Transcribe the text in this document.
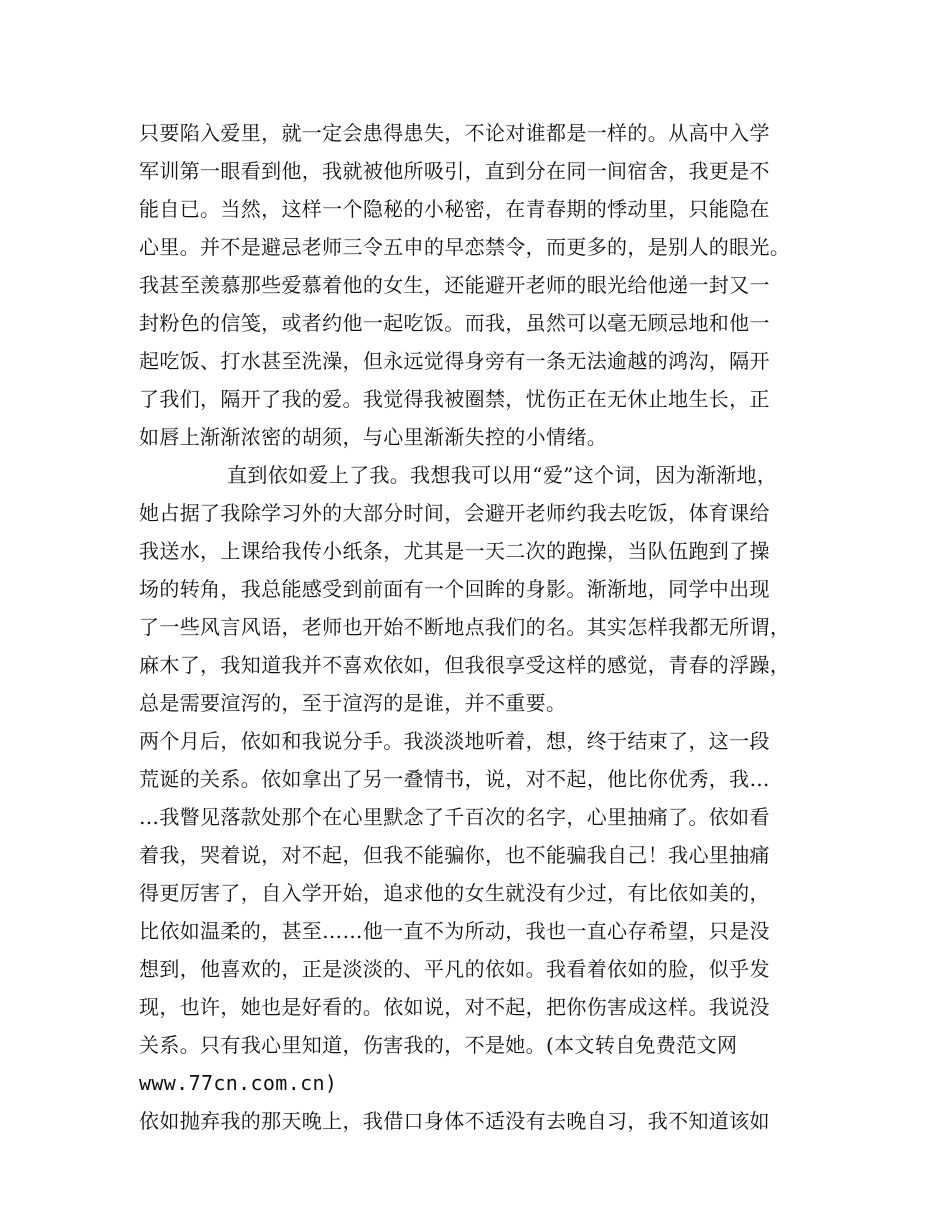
只要陷入爱里，就一定会患得患失，不论对谁都是一样的。从高中入学
军训第一眼看到他，我就被他所吸引，直到分在同一间宿舍，我更是不
能自已。当然，这样一个隐秘的小秘密，在青春期的悸动里，只能隐在
心里。并不是避忌老师三令五申的早恋禁令，而更多的，是别人的眼光。
我甚至羡慕那些爱慕着他的女生，还能避开老师的眼光给他递一封又一
封粉色的信笺，或者约他一起吃饭。而我，虽然可以毫无顾忌地和他一
起吃饭、打水甚至洗澡，但永远觉得身旁有一条无法逾越的鸿沟，隔开
了我们，隔开了我的爱。我觉得我被圈禁，忧伤正在无休止地生长，正
如唇上渐渐浓密的胡须，与心里渐渐失控的小情绪。
直到依如爱上了我。我想我可以用“爱”这个词，因为渐渐地，
她占据了我除学习外的大部分时间，会避开老师约我去吃饭，体育课给
我送水，上课给我传小纸条，尤其是一天二次的跑操，当队伍跑到了操
场的转角，我总能感受到前面有一个回眸的身影。渐渐地，同学中出现
了一些风言风语，老师也开始不断地点我们的名。其实怎样我都无所谓，
麻木了，我知道我并不喜欢依如，但我很享受这样的感觉，青春的浮躁，
总是需要渲泻的，至于渲泻的是谁，并不重要。
两个月后，依如和我说分手。我淡淡地听着，想，终于结束了，这一段
荒诞的关系。依如拿出了另一叠情书，说，对不起，他比你优秀，我…
…我瞥见落款处那个在心里默念了千百次的名字，心里抽痛了。依如看
着我，哭着说，对不起，但我不能骗你，也不能骗我自己！我心里抽痛
得更厉害了，自入学开始，追求他的女生就没有少过，有比依如美的，
比依如温柔的，甚至……他一直不为所动，我也一直心存希望，只是没
想到，他喜欢的，正是淡淡的、平凡的依如。我看着依如的脸，似乎发
现，也许，她也是好看的。依如说，对不起，把你伤害成这样。我说没
关系。只有我心里知道，伤害我的，不是她。(本文转自免费范文网
www.77cn.com.cn)
依如抛弃我的那天晚上，我借口身体不适没有去晚自习，我不知道该如
